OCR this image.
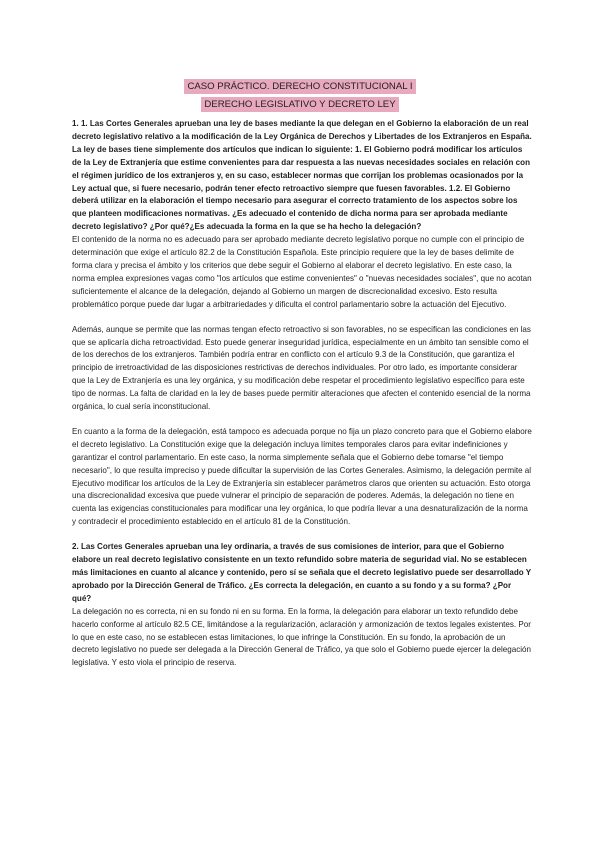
CASO PRÁCTICO. DERECHO CONSTITUCIONAL I
DERECHO LEGISLATIVO Y DECRETO LEY

1. 1. Las Cortes Generales aprueban una ley de bases mediante la que delegan en el Gobierno la elaboración de un real decreto legislativo relativo a la modificación de la Ley Orgánica de Derechos y Libertades de los Extranjeros en España. La ley de bases tiene simplemente dos artículos que indican lo siguiente: 1. El Gobierno podrá modificar los artículos de la Ley de Extranjería que estime convenientes para dar respuesta a las nuevas necesidades sociales en relación con el régimen jurídico de los extranjeros y, en su caso, establecer normas que corrijan los problemas ocasionados por la Ley actual que, si fuere necesario, podrán tener efecto retroactivo siempre que fuesen favorables. 1.2. El Gobierno deberá utilizar en la elaboración el tiempo necesario para asegurar el correcto tratamiento de los aspectos sobre los que planteen modificaciones normativas. ¿Es adecuado el contenido de dicha norma para ser aprobada mediante decreto legislativo? ¿Por qué?¿Es adecuada la forma en la que se ha hecho la delegación?

El contenido de la norma no es adecuado para ser aprobado mediante decreto legislativo porque no cumple con el principio de determinación que exige el artículo 82.2 de la Constitución Española. Este principio requiere que la ley de bases delimite de forma clara y precisa el ámbito y los criterios que debe seguir el Gobierno al elaborar el decreto legislativo. En este caso, la norma emplea expresiones vagas como "los artículos que estime convenientes" o "nuevas necesidades sociales", que no acotan suficientemente el alcance de la delegación, dejando al Gobierno un margen de discrecionalidad excesivo. Esto resulta problemático porque puede dar lugar a arbitrariedades y dificulta el control parlamentario sobre la actuación del Ejecutivo.

Además, aunque se permite que las normas tengan efecto retroactivo si son favorables, no se especifican las condiciones en las que se aplicaría dicha retroactividad. Esto puede generar inseguridad jurídica, especialmente en un ámbito tan sensible como el de los derechos de los extranjeros. También podría entrar en conflicto con el artículo 9.3 de la Constitución, que garantiza el principio de irretroactividad de las disposiciones restrictivas de derechos individuales. Por otro lado, es importante considerar que la Ley de Extranjería es una ley orgánica, y su modificación debe respetar el procedimiento legislativo específico para este tipo de normas. La falta de claridad en la ley de bases puede permitir alteraciones que afecten el contenido esencial de la norma orgánica, lo cual sería inconstitucional.

En cuanto a la forma de la delegación, está tampoco es adecuada porque no fija un plazo concreto para que el Gobierno elabore el decreto legislativo. La Constitución exige que la delegación incluya límites temporales claros para evitar indefiniciones y garantizar el control parlamentario. En este caso, la norma simplemente señala que el Gobierno debe tomarse "el tiempo necesario", lo que resulta impreciso y puede dificultar la supervisión de las Cortes Generales. Asimismo, la delegación permite al Ejecutivo modificar los artículos de la Ley de Extranjería sin establecer parámetros claros que orienten su actuación. Esto otorga una discrecionalidad excesiva que puede vulnerar el principio de separación de poderes. Además, la delegación no tiene en cuenta las exigencias constitucionales para modificar una ley orgánica, lo que podría llevar a una desnaturalización de la norma y contradecir el procedimiento establecido en el artículo 81 de la Constitución.

2. Las Cortes Generales aprueban una ley ordinaria, a través de sus comisiones de interior, para que el Gobierno elabore un real decreto legislativo consistente en un texto refundido sobre materia de seguridad vial. No se establecen más limitaciones en cuanto al alcance y contenido, pero sí se señala que el decreto legislativo puede ser desarrollado Y aprobado por la Dirección General de Tráfico. ¿Es correcta la delegación, en cuanto a su fondo y a su forma? ¿Por qué?

La delegación no es correcta, ni en su fondo ni en su forma. En la forma, la delegación para elaborar un texto refundido debe hacerlo conforme al artículo 82.5 CE, limitándose a la regularización, aclaración y armonización de textos legales existentes. Por lo que en este caso, no se establecen estas limitaciones, lo que infringe la Constitución. En su fondo, la aprobación de un decreto legislativo no puede ser delegada a la Dirección General de Tráfico, ya que solo el Gobierno puede ejercer la delegación legislativa. Y esto viola el principio de reserva.
